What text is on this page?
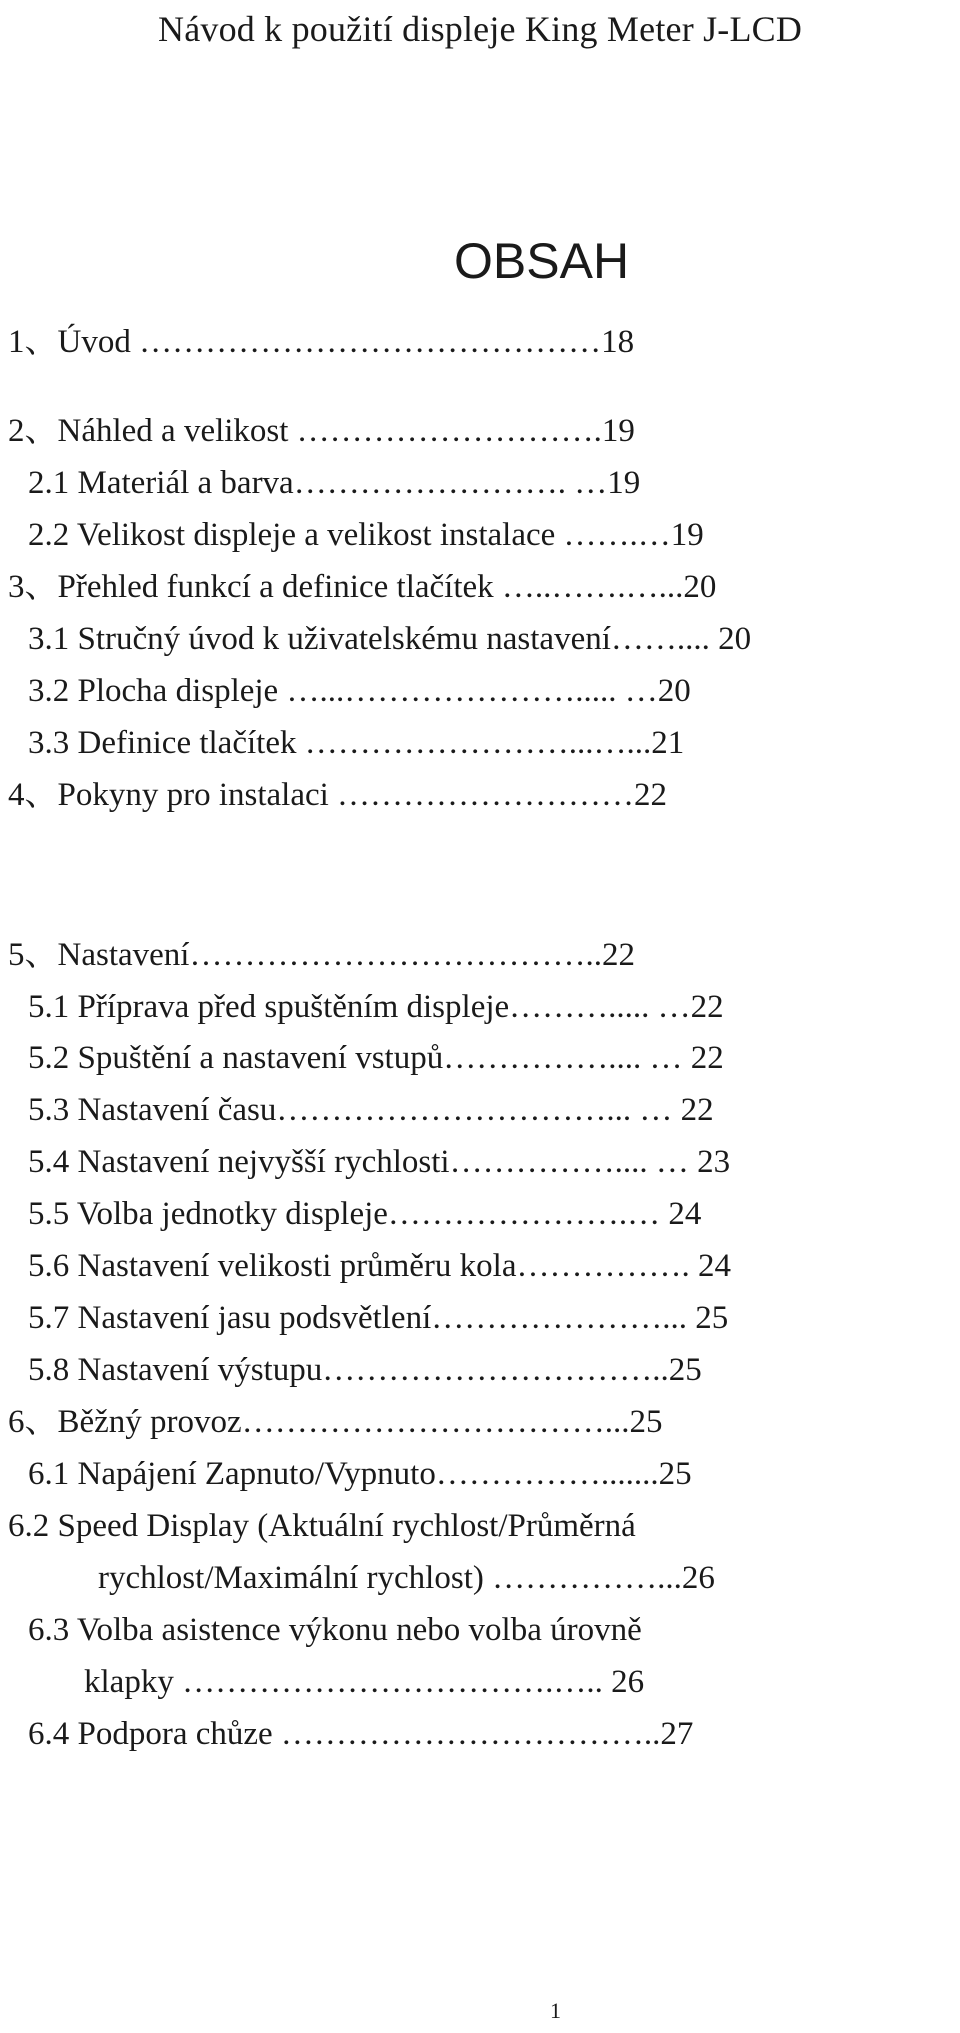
Návod k použití displeje King Meter J-LCD
OBSAH
1、Úvod ……………………………………18
2、Náhled a velikost ……………………….19
2.1 Materiál a barva……………………. …19
2.2 Velikost displeje a velikost instalace …….…19
3、Přehled funkcí a definice tlačítek …..…….…...20
3.1 Stručný úvod k uživatelskému nastavení…….... 20
3.2 Plocha displeje …...…………………..... …20
3.3 Definice tlačítek ……………………...…...21
4、Pokyny pro instalaci ………………………22
5、Nastavení………………………………..22
5.1 Příprava před spuštěním displeje………..... …22
5.2 Spuštění a nastavení vstupů…………….... … 22
5.3 Nastavení času…………………………... … 22
5.4 Nastavení nejvyšší rychlosti…………….... … 23
5.5 Volba jednotky displeje………………….… 24
5.6 Nastavení velikosti průměru kola……………. 24
5.7 Nastavení jasu podsvětlení…………………... 25
5.8 Nastavení výstupu…………………………..25
6、Běžný provoz……………………………...25
6.1 Napájení Zapnuto/Vypnuto…………….......25
6.2 Speed Display (Aktuální rychlost/Průměrná
rychlost/Maximální rychlost) ……………...26
6.3 Volba asistence výkonu nebo volba úrovně
klapky …………………………….….. 26
6.4 Podpora chůze ……………………………..27
1
